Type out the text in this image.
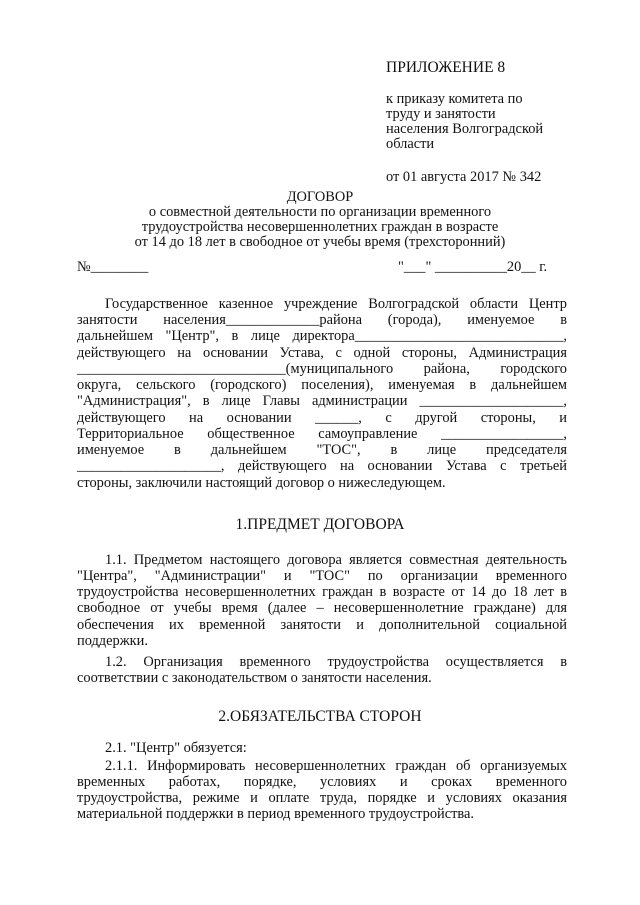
ПРИЛОЖЕНИЕ 8
к приказу комитета по
труду и занятости
населения Волгоградской
области
от 01 августа 2017 № 342
ДОГОВОР
о совместной деятельности по организации временного
трудоустройства несовершеннолетних граждан в возрасте
от 14 до 18 лет в свободное от учебы время (трехсторонний)
№________	"___" __________20__ г.
Государственное казенное учреждение Волгоградской области Центр
занятости населения_____________района (города), именуемое в
дальнейшем "Центр", в лице директора_____________________________,
действующего на основании Устава, с одной стороны, Администрация
_____________________________(муниципального района, городского
округа, сельского (городского) поселения), именуемая в дальнейшем
"Администрация", в лице Главы администрации ____________________,
действующего на основании ______, с другой стороны, и
Территориальное общественное самоуправление _________________,
именуемое в дальнейшем "ТОС", в лице председателя
____________________, действующего на основании Устава с третьей
стороны, заключили настоящий договор о нижеследующем.
1.ПРЕДМЕТ ДОГОВОРА
1.1. Предметом настоящего договора является совместная деятельность
"Центра", "Администрации" и "ТОС" по организации временного
трудоустройства несовершеннолетних граждан в возрасте от 14 до 18 лет в
свободное от учебы время (далее – несовершеннолетние граждане) для
обеспечения их временной занятости и дополнительной социальной
поддержки.
1.2. Организация временного трудоустройства осуществляется в
соответствии с законодательством о занятости населения.
2.ОБЯЗАТЕЛЬСТВА СТОРОН
2.1. "Центр" обязуется:
2.1.1. Информировать несовершеннолетних граждан об организуемых
временных работах, порядке, условиях и сроках временного
трудоустройства, режиме и оплате труда, порядке и условиях оказания
материальной поддержки в период временного трудоустройства.
